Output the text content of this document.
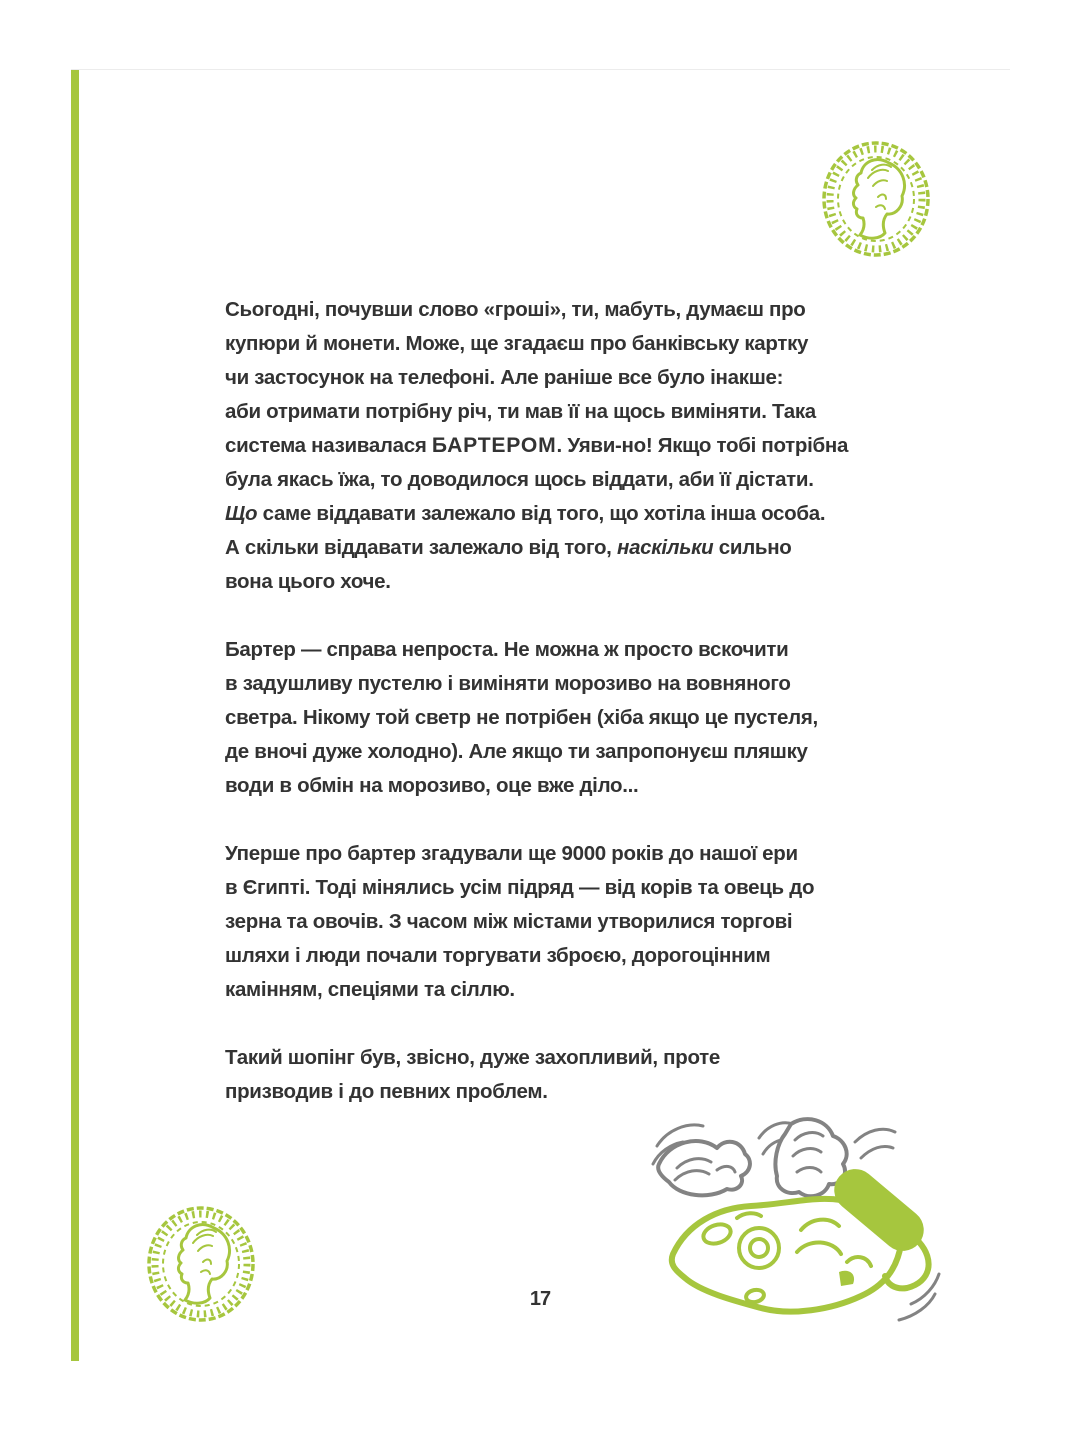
Сьогодні, почувши слово «гроші», ти, мабуть, думаєш про
купюри й монети. Може, ще згадаєш про банківську картку
чи застосунок на телефоні. Але раніше все було інакше:
аби отримати потрібну річ, ти мав її на щось виміняти. Така
система називалася БАРТЕРОМ. Уяви-но! Якщо тобі потрібна
була якась їжа, то доводилося щось віддати, аби її дістати.
Що саме віддавати залежало від того, що хотіла інша особа.
А скільки віддавати залежало від того, наскільки сильно
вона цього хоче.

Бартер — справа непроста. Не можна ж просто вскочити
в задушливу пустелю і виміняти морозиво на вовняного
светра. Нікому той светр не потрібен (хіба якщо це пустеля,
де вночі дуже холодно). Але якщо ти запропонуєш пляшку
води в обмін на морозиво, оце вже діло...

Уперше про бартер згадували ще 9000 років до нашої ери
в Єгипті. Тоді мінялись усім підряд — від корів та овець до
зерна та овочів. З часом між містами утворилися торгові
шляхи і люди почали торгувати зброєю, дорогоцінним
камінням, спеціями та сіллю.

Такий шопінг був, звісно, дуже захопливий, проте
призводив і до певних проблем.

17
